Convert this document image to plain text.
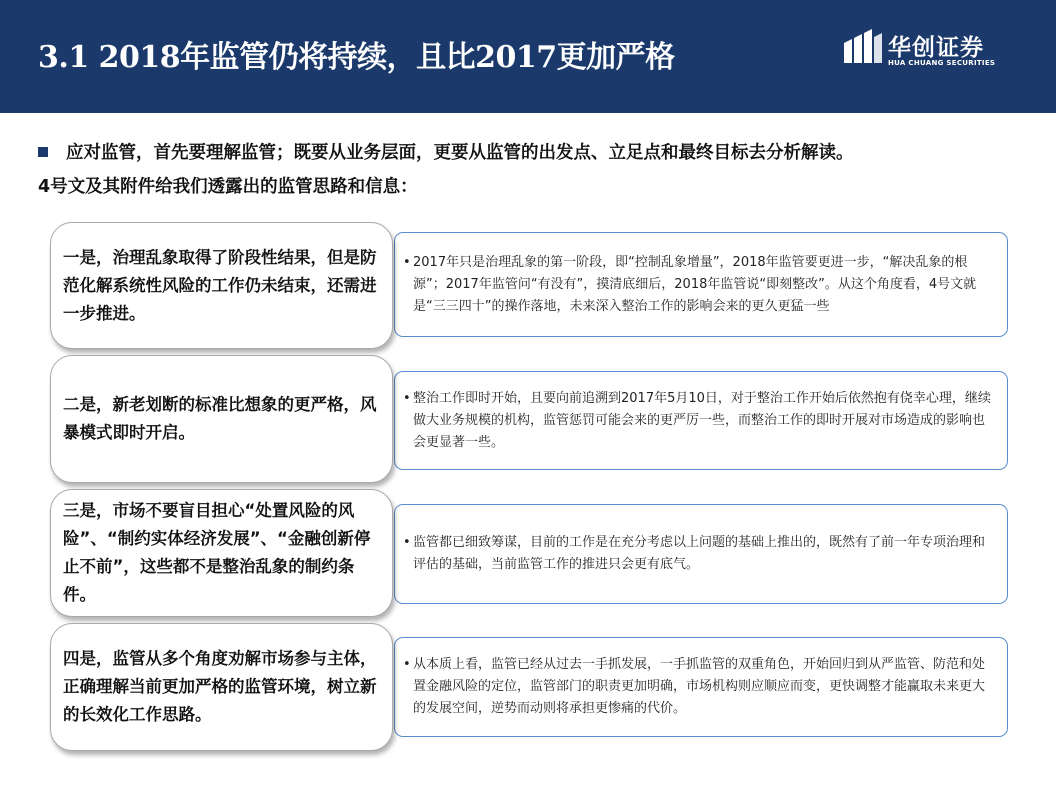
3.1 2018年监管仍将持续，且比2017更加严格	华创证券
HUA CHUANG SECURITIES
应对监管，首先要理解监管；既要从业务层面，更要从监管的出发点、立足点和最终目标去分析解读。
4号文及其附件给我们透露出的监管思路和信息：
一是，治理乱象取得了阶段性结果，但是防范化解系统性风险的工作仍未结束，还需进一步推进。
• 2017年只是治理乱象的第一阶段，即“控制乱象增量”，2018年监管要更进一步，“解决乱象的根源”；2017年监管问“有没有”，摸清底细后，2018年监管说“即刻整改”。从这个角度看，4号文就是“三三四十”的操作落地，未来深入整治工作的影响会来的更久更猛一些
二是，新老划断的标准比想象的更严格，风暴模式即时开启。
• 整治工作即时开始，且要向前追溯到2017年5月10日，对于整治工作开始后依然抱有侥幸心理，继续做大业务规模的机构，监管惩罚可能会来的更严厉一些，而整治工作的即时开展对市场造成的影响也会更显著一些。
三是，市场不要盲目担心“处置风险的风险”、“制约实体经济发展”、“金融创新停止不前”，这些都不是整治乱象的制约条件。
• 监管都已细致筹谋，目前的工作是在充分考虑以上问题的基础上推出的，既然有了前一年专项治理和评估的基础，当前监管工作的推进只会更有底气。
四是，监管从多个角度劝解市场参与主体，正确理解当前更加严格的监管环境，树立新的长效化工作思路。
• 从本质上看，监管已经从过去一手抓发展，一手抓监管的双重角色，开始回归到从严监管、防范和处置金融风险的定位，监管部门的职责更加明确，市场机构则应顺应而变，更快调整才能赢取未来更大的发展空间，逆势而动则将承担更惨痛的代价。
